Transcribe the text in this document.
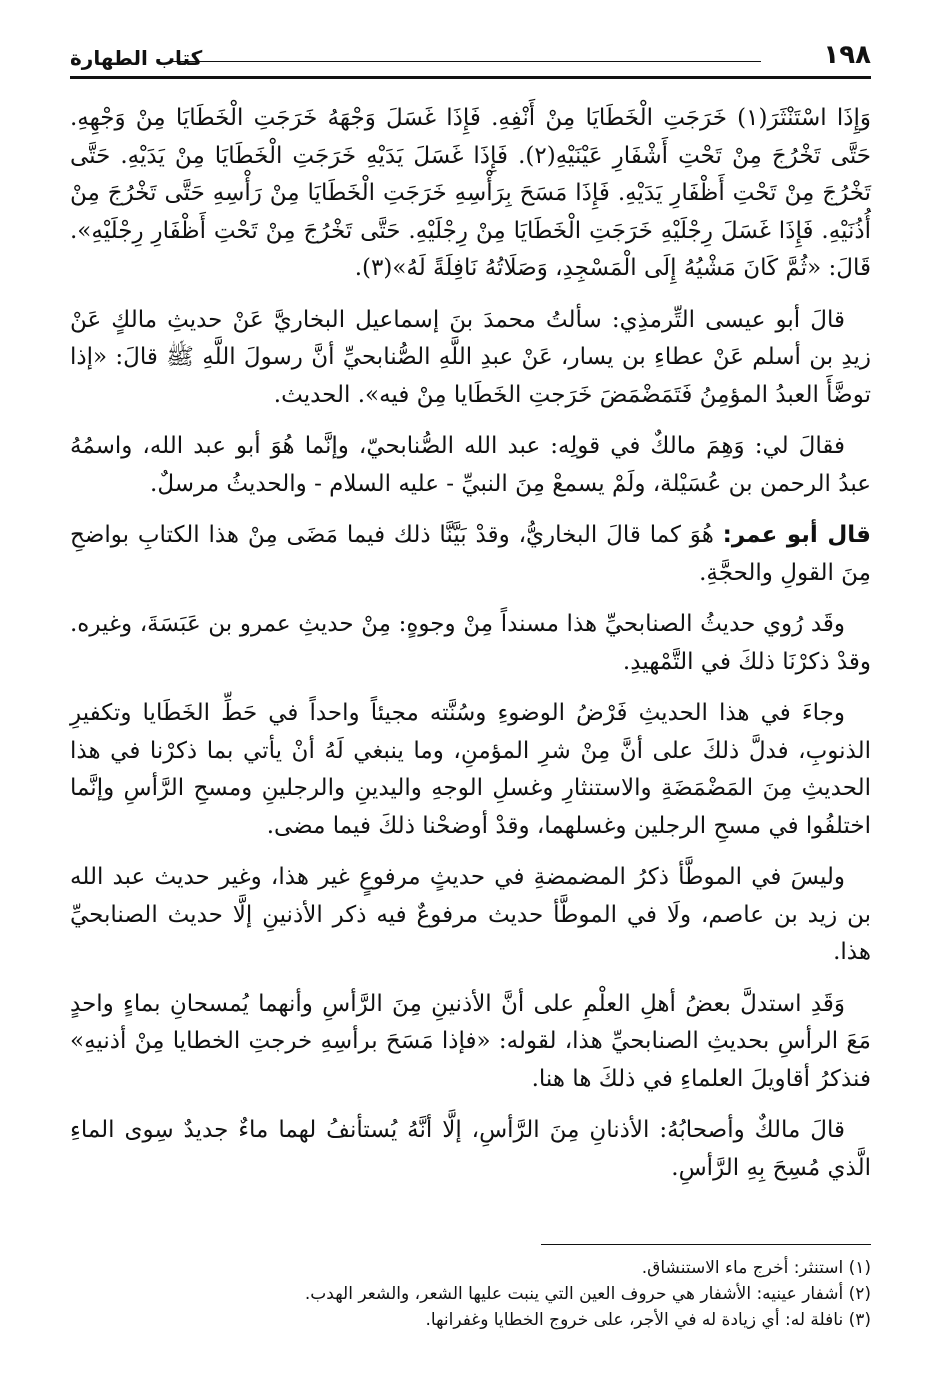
١٩٨
كتاب الطهارة

وَإِذَا اسْتَنْثَرَ(١) خَرَجَتِ الْخَطَايَا مِنْ أَنْفِهِ. فَإِذَا غَسَلَ وَجْهَهُ خَرَجَتِ الْخَطَايَا مِنْ وَجْهِهِ. حَتَّى تَخْرُجَ مِنْ تَحْتِ أَشْفَارِ عَيْنَيْهِ(٢). فَإِذَا غَسَلَ يَدَيْهِ خَرَجَتِ الْخَطَايَا مِنْ يَدَيْهِ. حَتَّى تَخْرُجَ مِنْ تَحْتِ أَظْفَارِ يَدَيْهِ. فَإِذَا مَسَحَ بِرَأْسِهِ خَرَجَتِ الْخَطَايَا مِنْ رَأْسِهِ حَتَّى تَخْرُجَ مِنْ أُذُنَيْهِ. فَإِذَا غَسَلَ رِجْلَيْهِ خَرَجَتِ الْخَطَايَا مِنْ رِجْلَيْهِ. حَتَّى تَخْرُجَ مِنْ تَحْتِ أَظْفَارِ رِجْلَيْهِ». قَالَ: «ثُمَّ كَانَ مَشْيُهُ إِلَى الْمَسْجِدِ، وَصَلَاتُهُ نَافِلَةً لَهُ»(٣).

قالَ أبو عيسى التِّرمذِي: سألتُ محمدَ بنَ إسماعيل البخاريَّ عَنْ حديثِ مالكٍ عَنْ زيدِ بن أسلم عَنْ عطاءِ بن يسار، عَنْ عبدِ اللَّهِ الصُّنابحيِّ أنَّ رسولَ اللَّهِ ﷺ قالَ: «إذا توضَّأَ العبدُ المؤمِنُ فَتَمَضْمَضَ خَرَجتِ الخَطَايا مِنْ فيه». الحديث.

فقالَ لي: وَهِمَ مالكٌ في قولِه: عبد الله الصُّنابحيّ، وإنَّما هُوَ أبو عبد الله، واسمُهُ عبدُ الرحمن بن عُسَيْلة، ولَمْ يسمعْ مِنَ النبيِّ - عليه السلام - والحديثُ مرسلٌ.

قال أبو عمر: هُوَ كما قالَ البخاريُّ، وقدْ بَيَّنَّا ذلك فيما مَضَى مِنْ هذا الكتابِ بواضحِ مِنَ القولِ والحجَّةِ.

وقَد رُوي حديثُ الصنابحيِّ هذا مسنداً مِنْ وجوهٍ: مِنْ حديثِ عمرو بن عَبَسَةَ، وغيره. وقدْ ذكرْنَا ذلكَ في التَّمْهيدِ.

وجاءَ في هذا الحديثِ فَرْضُ الوضوءِ وسُنَّته مجيئاً واحداً في حَطِّ الخَطَايا وتكفيرِ الذنوبِ، فدلَّ ذلكَ على أنَّ مِنْ شرِ المؤمنِ، وما ينبغي لَهُ أنْ يأتي بما ذكرْنا في هذا الحديثِ مِنَ المَضْمَضَةِ والاستنثارِ وغسلِ الوجهِ واليدينِ والرجلينِ ومسحِ الرَّأسِ وإنَّما اختلفُوا في مسحِ الرجلين وغسلهما، وقدْ أوضحْنا ذلكَ فيما مضى.

وليسَ في الموطَّأ ذكرُ المضمضةِ في حديثٍ مرفوعٍ غير هذا، وغير حديث عبد الله بن زيد بن عاصم، ولَا في الموطَّأ حديث مرفوعٌ فيه ذكر الأذنينِ إلَّا حديث الصنابحيِّ هذا.

وَقَدِ استدلَّ بعضُ أهلِ العلْمِ على أنَّ الأذنينِ مِنَ الرَّأسِ وأنهما يُمسحانِ بماءٍ واحدٍ مَعَ الرأسِ بحديثِ الصنابحيِّ هذا، لقوله: «فإذا مَسَحَ برأسِهِ خرجتِ الخطايا مِنْ أذنيهِ» فنذكرُ أقاويلَ العلماءِ في ذلكَ ها هنا.

قالَ مالكٌ وأصحابُهُ: الأذنانِ مِنَ الرَّأسِ، إلَّا أنَّهُ يُستأنفُ لهما ماءٌ جديدٌ سِوى الماءِ الَّذي مُسِحَ بِهِ الرَّأسِ.

(١) استنثر: أخرج ماء الاستنشاق.

(٢) أشفار عينيه: الأشفار هي حروف العين التي ينبت عليها الشعر، والشعر الهدب.

(٣) نافلة له: أي زيادة له في الأجر، على خروج الخطايا وغفرانها.
